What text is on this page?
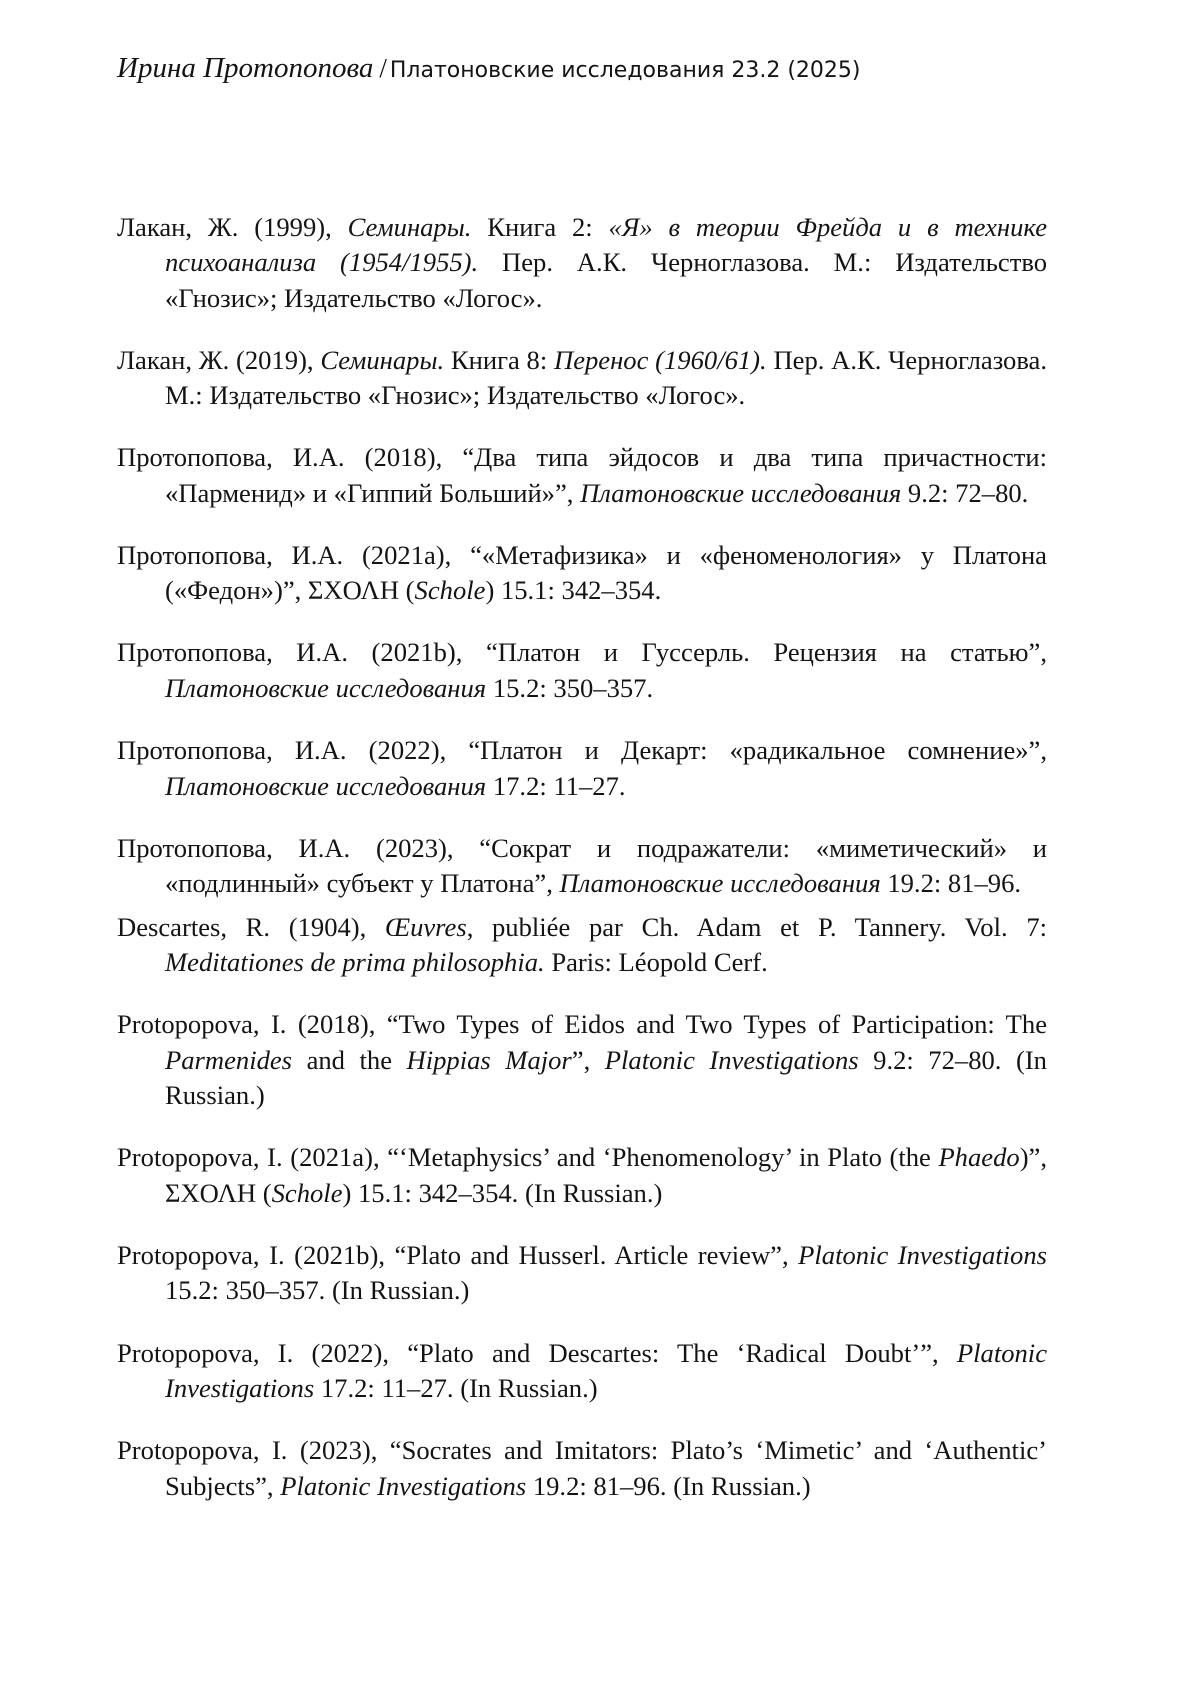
Ирина Протопопова / Платоновские исследования 23.2 (2025)

Лакан, Ж. (1999), Семинары. Книга 2: «Я» в теории Фрейда и в технике психоанализа (1954/1955). Пер. А.К. Черноглазова. М.: Издательство «Гнозис»; Издательство «Логос».

Лакан, Ж. (2019), Семинары. Книга 8: Перенос (1960/61). Пер. А.К. Черноглазова. М.: Издательство «Гнозис»; Издательство «Логос».

Протопопова, И.А. (2018), “Два типа эйдосов и два типа причастности: «Парменид» и «Гиппий Больший»”, Платоновские исследования 9.2: 72–80.

Протопопова, И.А. (2021a), “«Метафизика» и «феноменология» у Платона («Федон»)”, ΣΧΟΛΗ (Schole) 15.1: 342–354.

Протопопова, И.А. (2021b), “Платон и Гуссерль. Рецензия на статью”, Платоновские исследования 15.2: 350–357.

Протопопова, И.А. (2022), “Платон и Декарт: «радикальное сомнение»”, Платоновские исследования 17.2: 11–27.

Протопопова, И.А. (2023), “Сократ и подражатели: «миметический» и «подлинный» субъект у Платона”, Платоновские исследования 19.2: 81–96.

Descartes, R. (1904), Œuvres, publiée par Ch. Adam et P. Tannery. Vol. 7: Meditationes de prima philosophia. Paris: Léopold Cerf.

Protopopova, I. (2018), “Two Types of Eidos and Two Types of Participation: The Parmenides and the Hippias Major”, Platonic Investigations 9.2: 72–80. (In Russian.)

Protopopova, I. (2021a), “‘Metaphysics’ and ‘Phenomenology’ in Plato (the Phaedo)”, ΣΧΟΛΗ (Schole) 15.1: 342–354. (In Russian.)

Protopopova, I. (2021b), “Plato and Husserl. Article review”, Platonic Investigations 15.2: 350–357. (In Russian.)

Protopopova, I. (2022), “Plato and Descartes: The ‘Radical Doubt’”, Platonic Investigations 17.2: 11–27. (In Russian.)

Protopopova, I. (2023), “Socrates and Imitators: Plato’s ‘Mimetic’ and ‘Authentic’ Subjects”, Platonic Investigations 19.2: 81–96. (In Russian.)
